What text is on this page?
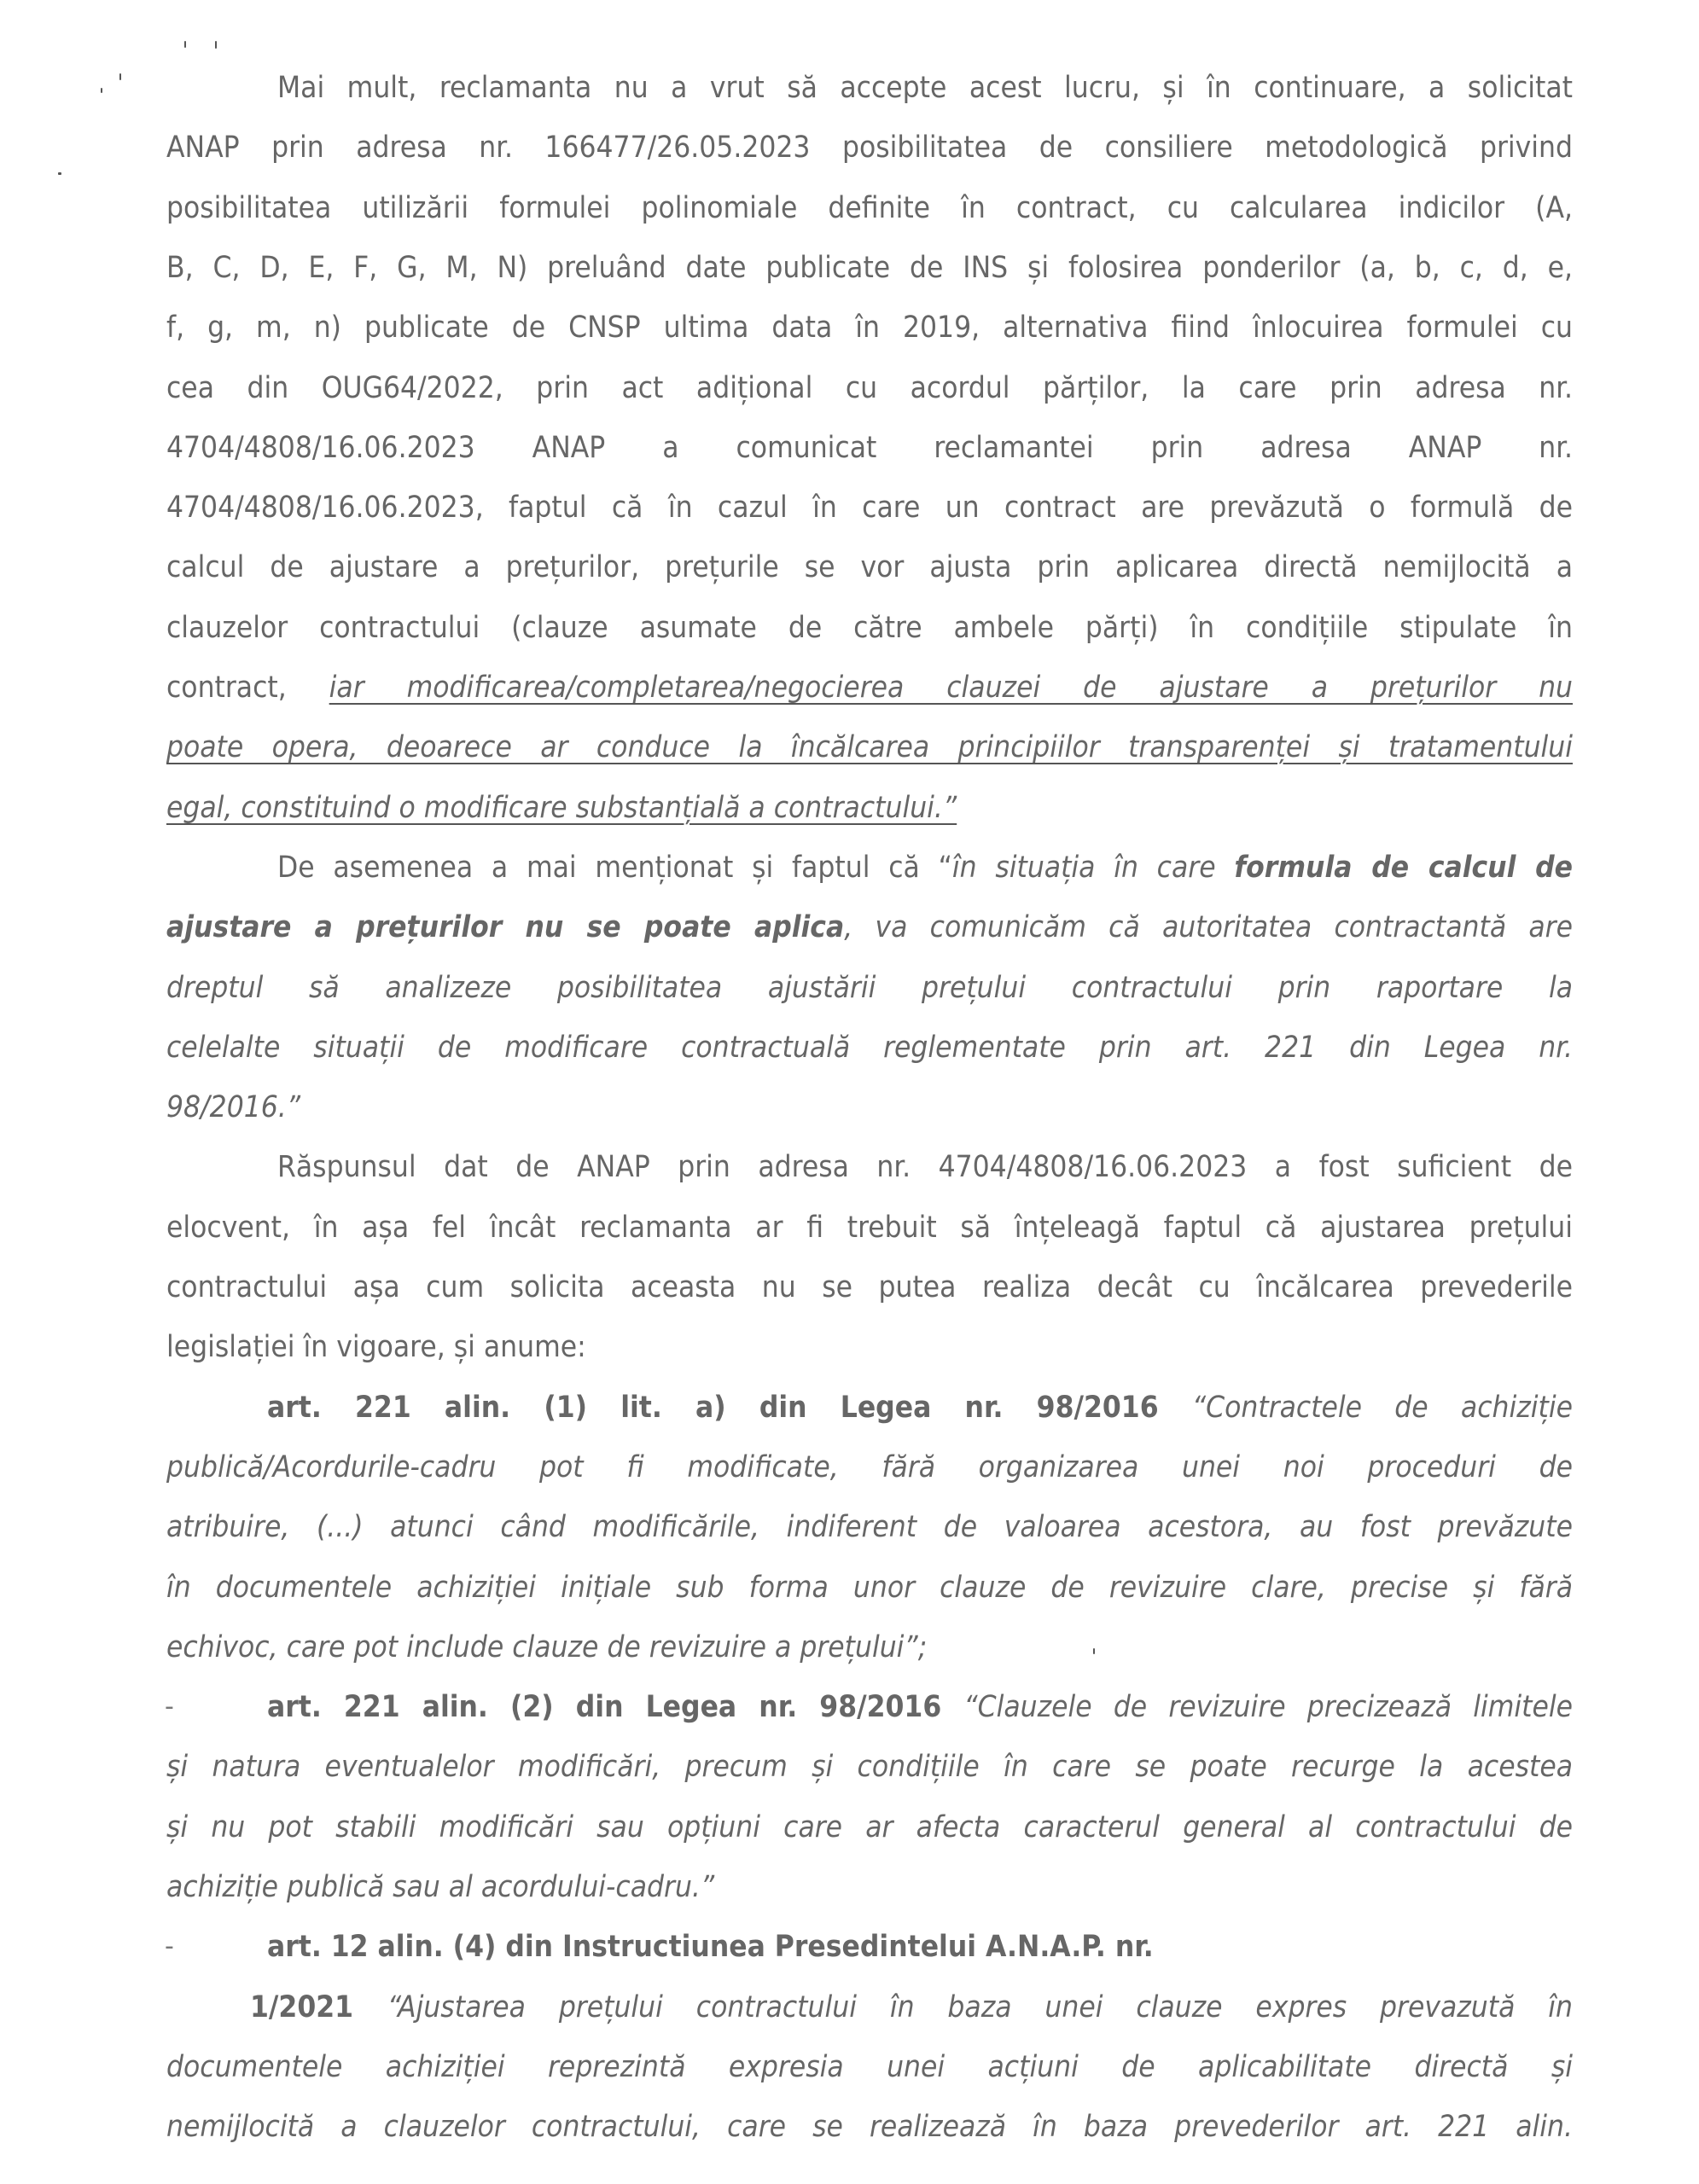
Mai mult, reclamanta nu a vrut să accepte acest lucru, și în continuare, a solicitat
ANAP prin adresa nr. 166477/26.05.2023 posibilitatea de consiliere metodologică privind
posibilitatea utilizării formulei polinomiale definite în contract, cu calcularea indicilor (A,
B, C, D, E, F, G, M, N) preluând date publicate de INS și folosirea ponderilor (a, b, c, d, e,
f, g, m, n) publicate de CNSP ultima data în 2019, alternativa fiind înlocuirea formulei cu
cea din OUG64/2022, prin act adițional cu acordul părților, la care prin adresa nr.
4704/4808/16.06.2023 ANAP a comunicat reclamantei prin adresa ANAP nr.
4704/4808/16.06.2023, faptul că în cazul în care un contract are prevăzută o formulă de
calcul de ajustare a prețurilor, prețurile se vor ajusta prin aplicarea directă nemijlocită a
clauzelor contractului (clauze asumate de către ambele părți) în condițiile stipulate în
contract, iar modificarea/completarea/negocierea clauzei de ajustare a prețurilor nu
poate opera, deoarece ar conduce la încălcarea principiilor transparenței și tratamentului
egal, constituind o modificare substanțială a contractului.”
De asemenea a mai menționat și faptul că “în situația în care formula de calcul de
ajustare a prețurilor nu se poate aplica, va comunicăm că autoritatea contractantă are
dreptul să analizeze posibilitatea ajustării prețului contractului prin raportare la
celelalte situații de modificare contractuală reglementate prin art. 221 din Legea nr.
98/2016.”
Răspunsul dat de ANAP prin adresa nr. 4704/4808/16.06.2023 a fost suficient de
elocvent, în așa fel încât reclamanta ar fi trebuit să înțeleagă faptul că ajustarea prețului
contractului așa cum solicita aceasta nu se putea realiza decât cu încălcarea prevederile
legislației în vigoare, și anume:
art. 221 alin. (1) lit. a) din Legea nr. 98/2016 “Contractele de achiziție
publică/Acordurile-cadru pot fi modificate, fără organizarea unei noi proceduri de
atribuire, (...) atunci când modificările, indiferent de valoarea acestora, au fost prevăzute
în documentele achiziției inițiale sub forma unor clauze de revizuire clare, precise și fără
echivoc, care pot include clauze de revizuire a prețului”;
-	art. 221 alin. (2) din Legea nr. 98/2016 “Clauzele de revizuire precizează limitele
și natura eventualelor modificări, precum și condițiile în care se poate recurge la acestea
și nu pot stabili modificări sau opțiuni care ar afecta caracterul general al contractului de
achiziție publică sau al acordului-cadru.”
-	art. 12 alin. (4) din Instructiunea Presedintelui A.N.A.P. nr.
1/2021 “Ajustarea prețului contractului în baza unei clauze expres prevazută în
documentele achiziției reprezintă expresia unei acțiuni de aplicabilitate directă și
nemijlocită a clauzelor contractului, care se realizează în baza prevederilor art. 221 alin.
